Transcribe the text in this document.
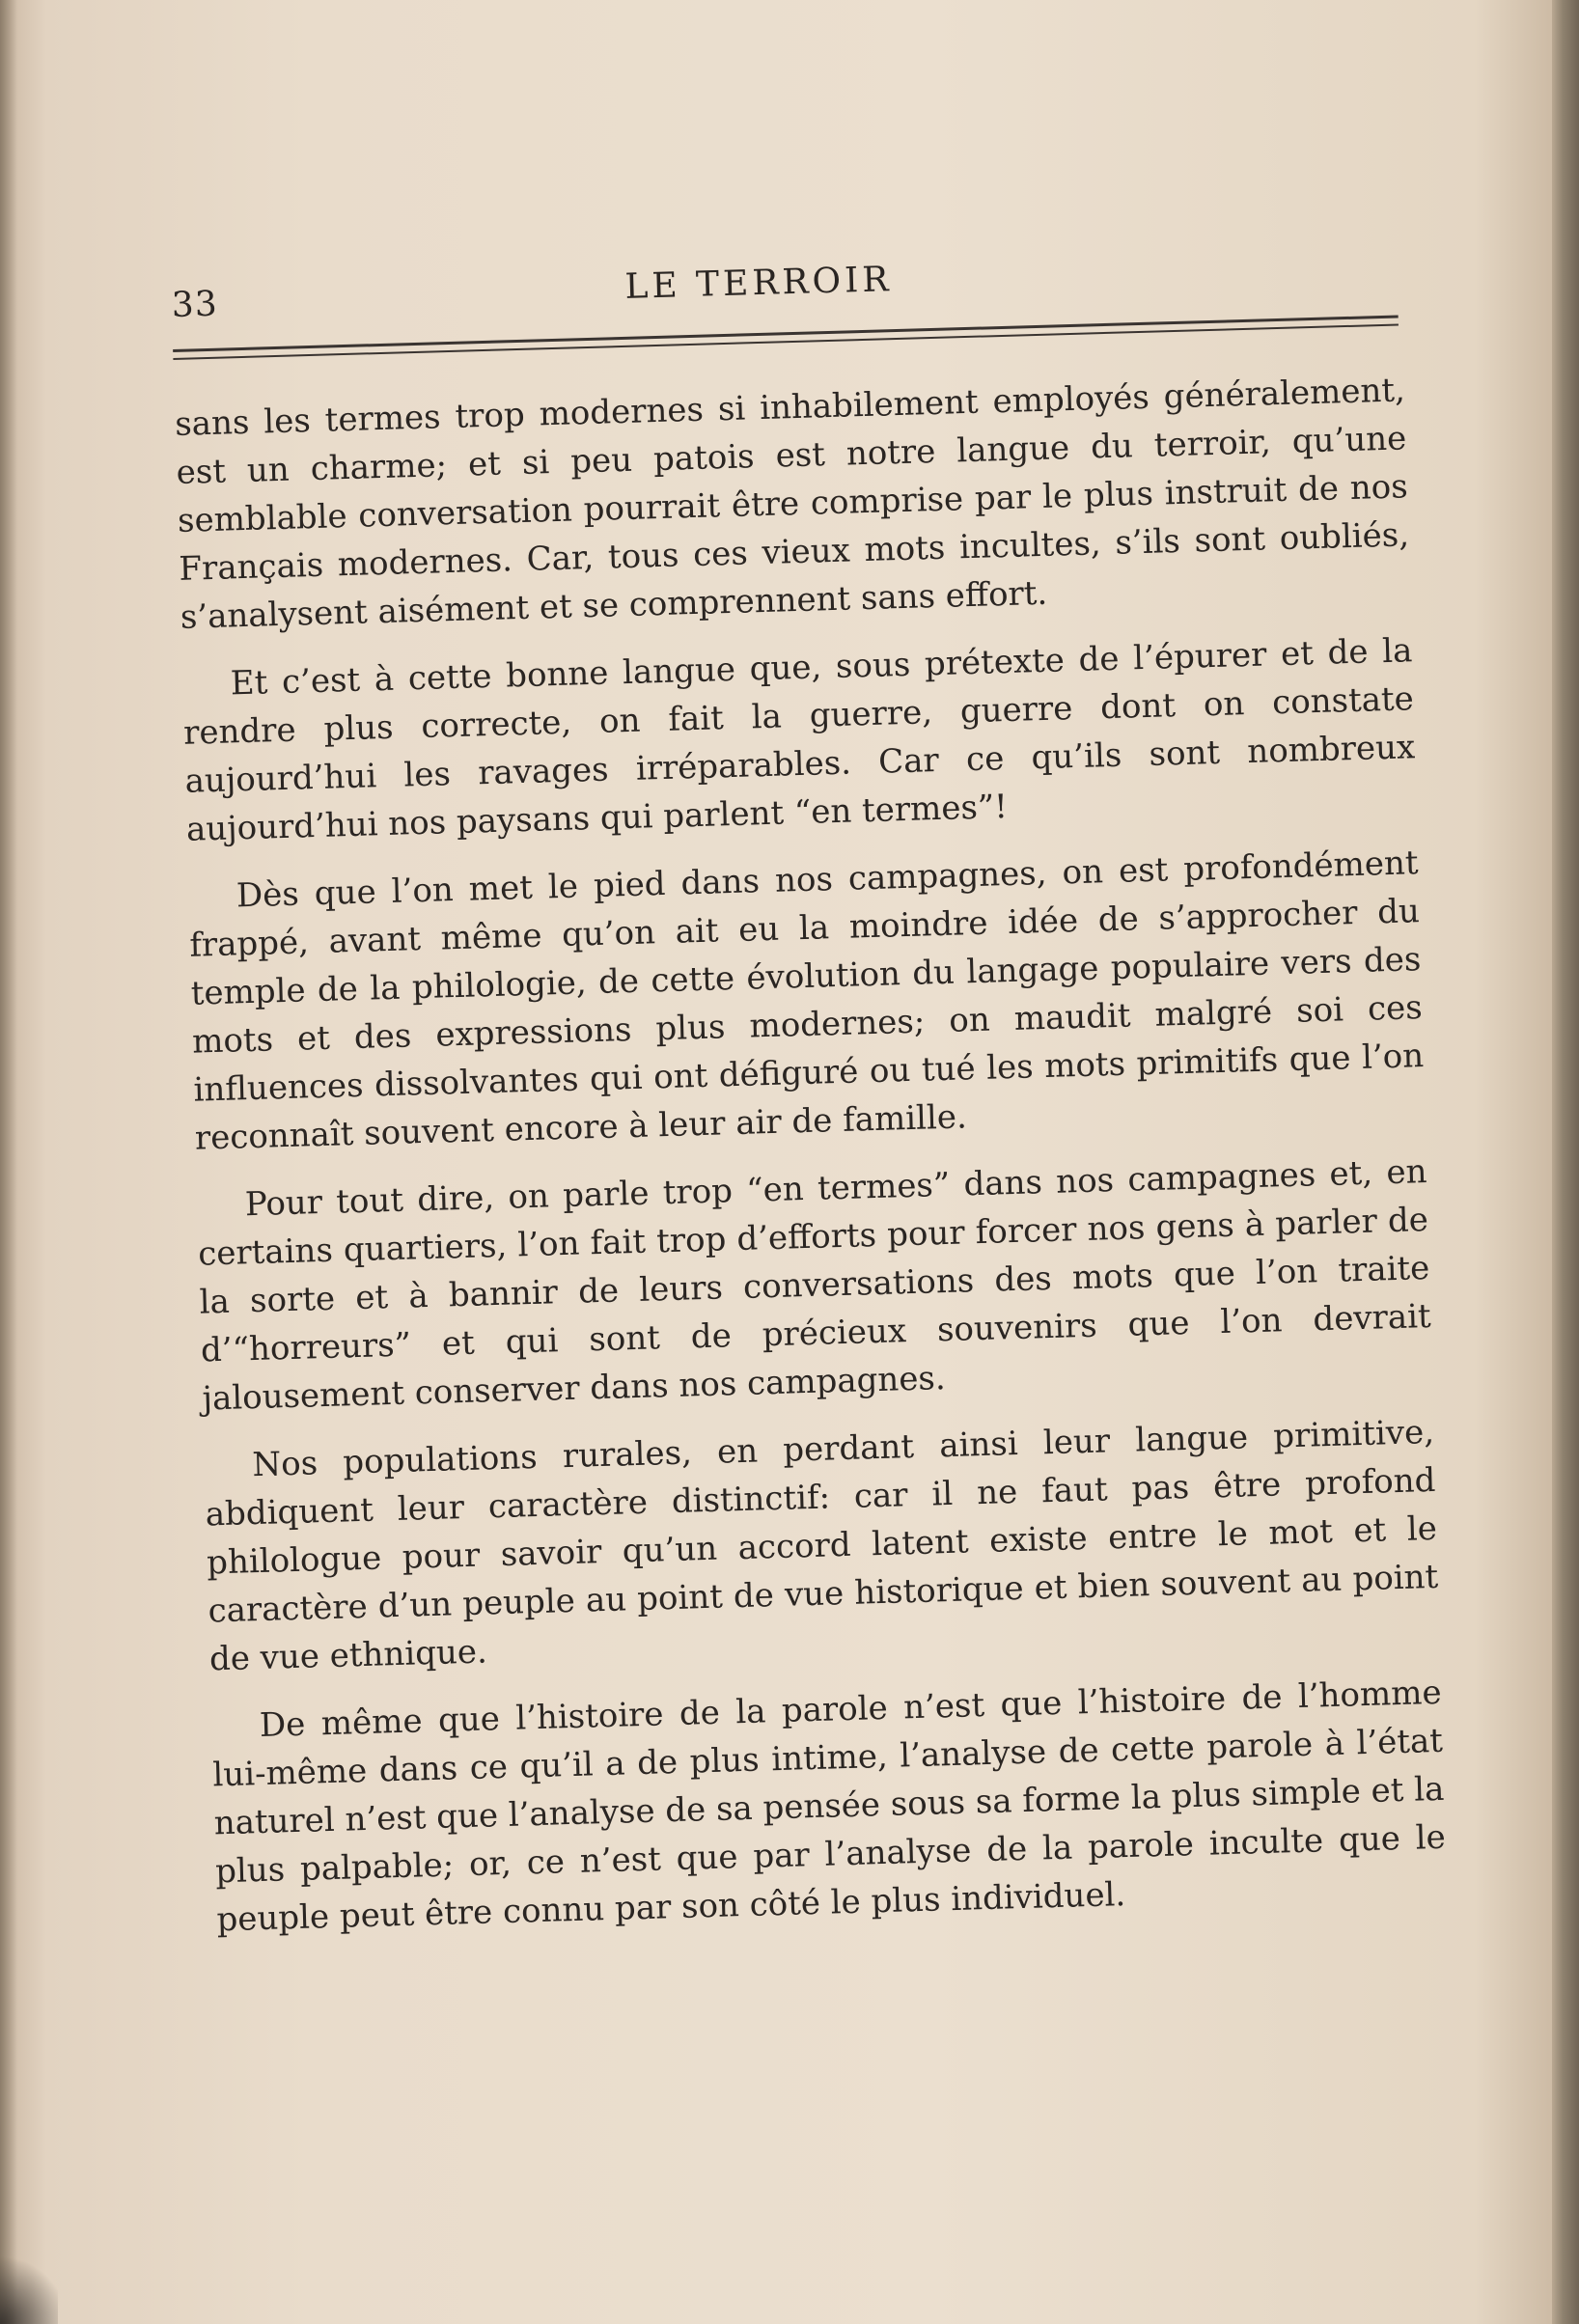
33	LE TERROIR

sans les termes trop modernes si inhabilement employés généralement, est un charme; et si peu patois est notre langue du terroir, qu’une semblable conversation pourrait être comprise par le plus instruit de nos Français modernes. Car, tous ces vieux mots incultes, s’ils sont oubliés, s’analysent aisément et se comprennent sans effort.

Et c’est à cette bonne langue que, sous prétexte de l’épurer et de la rendre plus correcte, on fait la guerre, guerre dont on constate aujourd’hui les ravages irréparables. Car ce qu’ils sont nombreux aujourd’hui nos paysans qui parlent “en termes”!

Dès que l’on met le pied dans nos campagnes, on est profondément frappé, avant même qu’on ait eu la moindre idée de s’approcher du temple de la philologie, de cette évolution du langage populaire vers des mots et des expressions plus modernes; on maudit malgré soi ces influences dissolvantes qui ont défiguré ou tué les mots primitifs que l’on reconnaît souvent encore à leur air de famille.

Pour tout dire, on parle trop “en termes” dans nos campagnes et, en certains quartiers, l’on fait trop d’efforts pour forcer nos gens à parler de la sorte et à bannir de leurs conversations des mots que l’on traite d’“horreurs” et qui sont de précieux souvenirs que l’on devrait jalousement conserver dans nos campagnes.

Nos populations rurales, en perdant ainsi leur langue primitive, abdiquent leur caractère distinctif: car il ne faut pas être profond philologue pour savoir qu’un accord latent existe entre le mot et le caractère d’un peuple au point de vue historique et bien souvent au point de vue ethnique.

De même que l’histoire de la parole n’est que l’histoire de l’homme lui-même dans ce qu’il a de plus intime, l’analyse de cette parole à l’état naturel n’est que l’analyse de sa pensée sous sa forme la plus simple et la plus palpable; or, ce n’est que par l’analyse de la parole inculte que le peuple peut être connu par son côté le plus individuel.
